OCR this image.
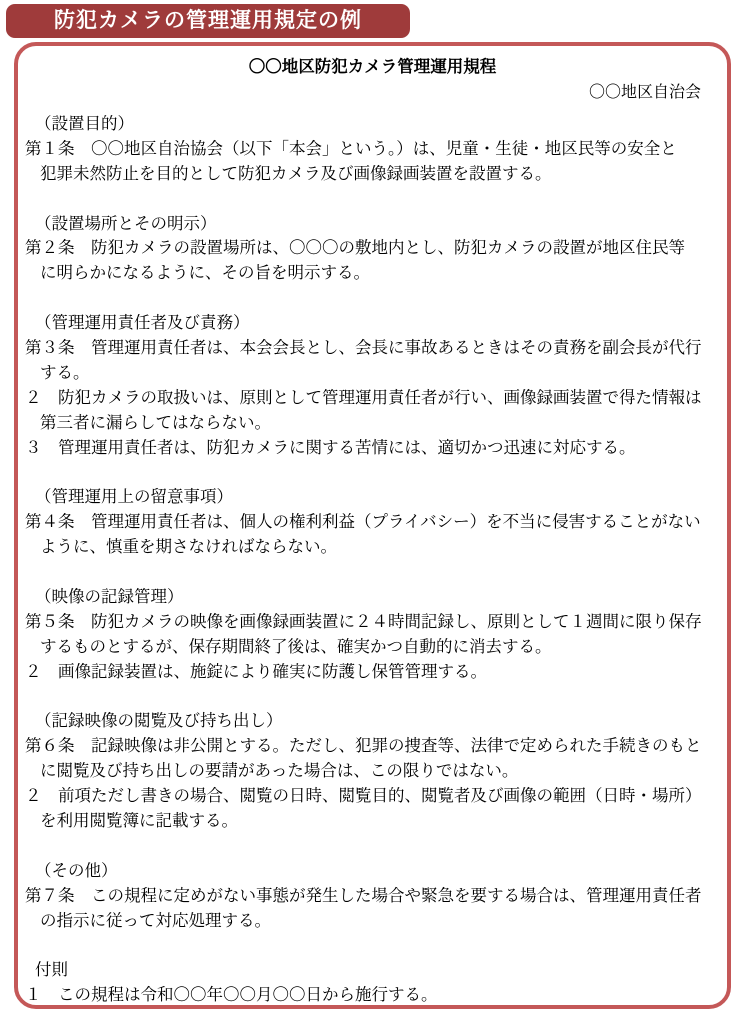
防犯カメラの管理運用規定の例
〇〇地区防犯カメラ管理運用規程
〇〇地区自治会
（設置目的）
第１条　〇〇地区自治協会（以下「本会」という。）は、児童・生徒・地区民等の安全と
犯罪未然防止を目的として防犯カメラ及び画像録画装置を設置する。
（設置場所とその明示）
第２条　防犯カメラの設置場所は、〇〇〇の敷地内とし、防犯カメラの設置が地区住民等
に明らかになるように、その旨を明示する。
（管理運用責任者及び責務）
第３条　管理運用責任者は、本会会長とし、会長に事故あるときはその責務を副会長が代行
する。
２　防犯カメラの取扱いは、原則として管理運用責任者が行い、画像録画装置で得た情報は
第三者に漏らしてはならない。
３　管理運用責任者は、防犯カメラに関する苦情には、適切かつ迅速に対応する。
（管理運用上の留意事項）
第４条　管理運用責任者は、個人の権利利益（プライバシー）を不当に侵害することがない
ように、慎重を期さなければならない。
（映像の記録管理）
第５条　防犯カメラの映像を画像録画装置に２４時間記録し、原則として１週間に限り保存
するものとするが、保存期間終了後は、確実かつ自動的に消去する。
２　画像記録装置は、施錠により確実に防護し保管管理する。
（記録映像の閲覧及び持ち出し）
第６条　記録映像は非公開とする。ただし、犯罪の捜査等、法律で定められた手続きのもと
に閲覧及び持ち出しの要請があった場合は、この限りではない。
２　前項ただし書きの場合、閲覧の日時、閲覧目的、閲覧者及び画像の範囲（日時・場所）
を利用閲覧簿に記載する。
（その他）
第７条　この規程に定めがない事態が発生した場合や緊急を要する場合は、管理運用責任者
の指示に従って対応処理する。
付則
１　この規程は令和〇〇年〇〇月〇〇日から施行する。
